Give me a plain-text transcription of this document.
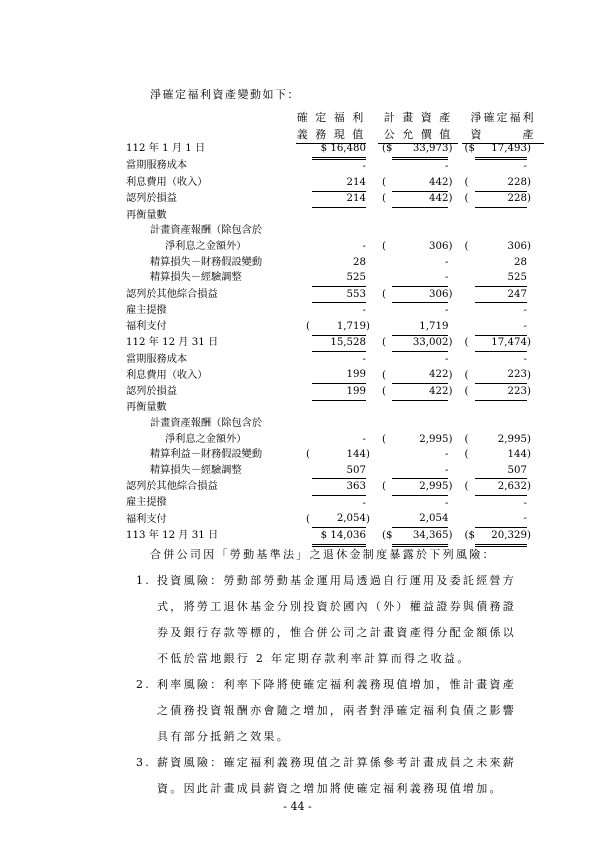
淨確定福利資產變動如下：
確 定 福 利
義 務 現 值
計 畫 資 產
公 允 價 值
淨確定福利
資　　　產
112 年 1 月 1 日			$ 16,480			($	33,973	)		($	17,493	)
當期服務成本			-				-				-	
利息費用（收入）			214			(	442	)		(	228	)
認列於損益			214			(	442	)		(	228	)
再衡量數												
計畫資產報酬（除包含於												
淨利息之金額外）			-			(	306	)		(	306	)
精算損失－財務假設變動			28				-				28	
精算損失－經驗調整			525				-				525	
認列於其他綜合損益			553			(	306	)			247	
雇主提撥			-				-				-	
福利支付		(	1,719	)			1,719				-	
112 年 12 月 31 日			15,528			(	33,002	)		(	17,474	)
當期服務成本			-				-				-	
利息費用（收入）			199			(	422	)		(	223	)
認列於損益			199			(	422	)		(	223	)
再衡量數												
計畫資產報酬（除包含於												
淨利息之金額外）			-			(	2,995	)		(	2,995	)
精算利益－財務假設變動		(	144	)			-			(	144	)
精算損失－經驗調整			507				-				507	
認列於其他綜合損益			363			(	2,995	)		(	2,632	)
雇主提撥			-				-				-	
福利支付		(	2,054	)			2,054				-	
113 年 12 月 31 日			$ 14,036			($	34,365	)		($	20,329	)
合併公司因「勞動基準法」之退休金制度暴露於下列風險：
1. 投資風險：勞動部勞動基金運用局透過自行運用及委託經營方式，將勞工退休基金分別投資於國內（外）權益證券與債務證券及銀行存款等標的，惟合併公司之計畫資產得分配金額係以不低於當地銀行 2 年定期存款利率計算而得之收益。
2. 利率風險：利率下降將使確定福利義務現值增加，惟計畫資產之債務投資報酬亦會隨之增加，兩者對淨確定福利負債之影響具有部分抵銷之效果。
3. 薪資風險：確定福利義務現值之計算係參考計畫成員之未來薪資。因此計畫成員薪資之增加將使確定福利義務現值增加。
- 44 -
